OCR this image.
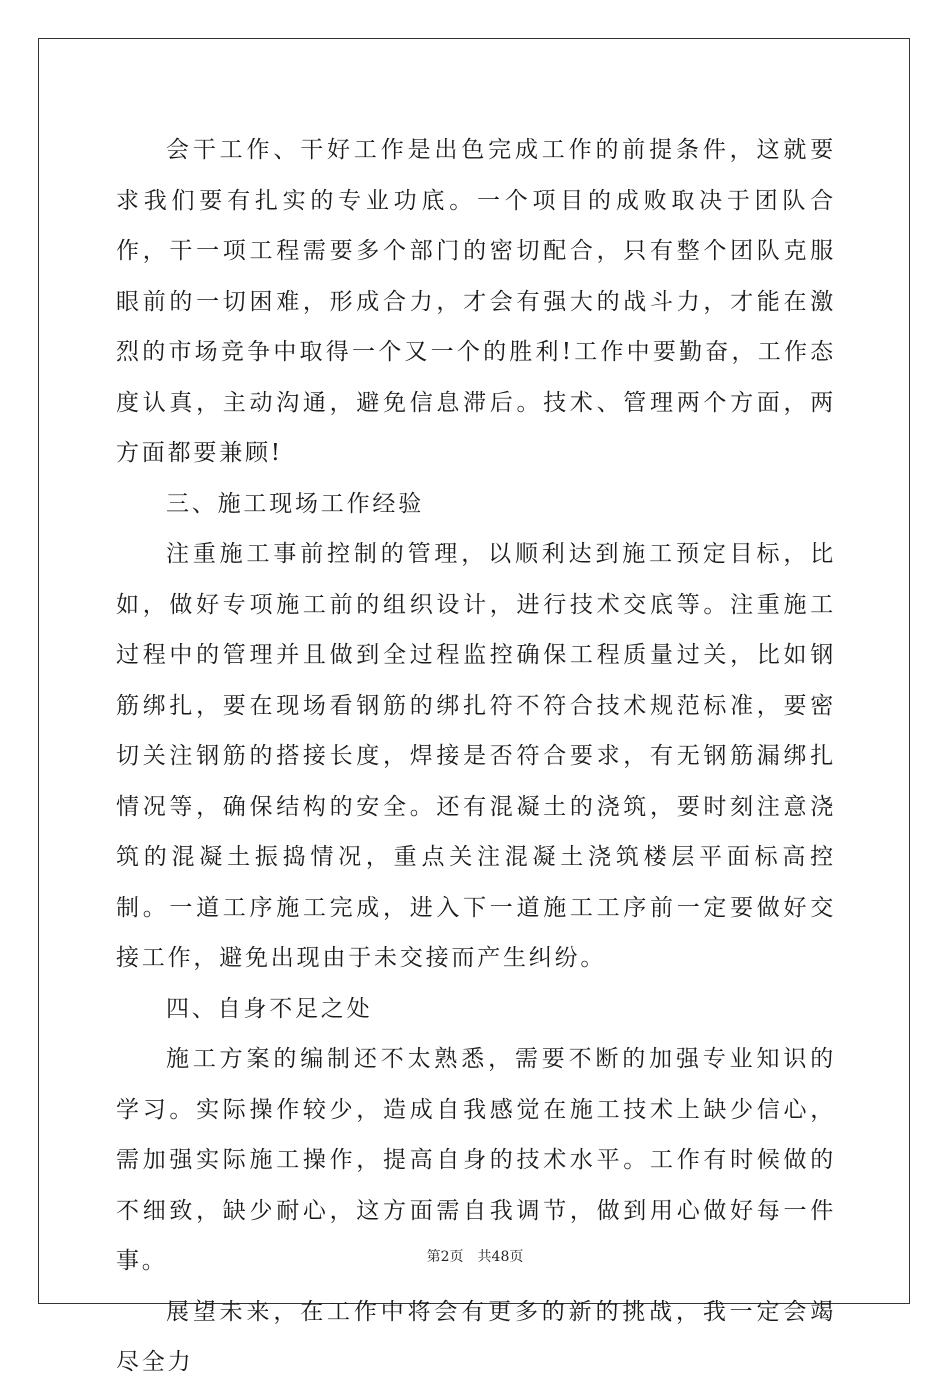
会干工作、干好工作是出色完成工作的前提条件，这就要求我们要有扎实的专业功底。一个项目的成败取决于团队合作，干一项工程需要多个部门的密切配合，只有整个团队克服眼前的一切困难，形成合力，才会有强大的战斗力，才能在激烈的市场竞争中取得一个又一个的胜利!工作中要勤奋，工作态度认真，主动沟通，避免信息滞后。技术、管理两个方面，两方面都要兼顾!

三、施工现场工作经验

注重施工事前控制的管理，以顺利达到施工预定目标，比如，做好专项施工前的组织设计，进行技术交底等。注重施工过程中的管理并且做到全过程监控确保工程质量过关，比如钢筋绑扎，要在现场看钢筋的绑扎符不符合技术规范标准，要密切关注钢筋的搭接长度，焊接是否符合要求，有无钢筋漏绑扎情况等，确保结构的安全。还有混凝土的浇筑，要时刻注意浇筑的混凝土振捣情况，重点关注混凝土浇筑楼层平面标高控制。一道工序施工完成，进入下一道施工工序前一定要做好交接工作，避免出现由于未交接而产生纠纷。

四、自身不足之处

施工方案的编制还不太熟悉，需要不断的加强专业知识的学习。实际操作较少，造成自我感觉在施工技术上缺少信心，需加强实际施工操作，提高自身的技术水平。工作有时候做的不细致，缺少耐心，这方面需自我调节，做到用心做好每一件事。

展望未来，在工作中将会有更多的新的挑战，我一定会竭尽全力

第2页 共48页
